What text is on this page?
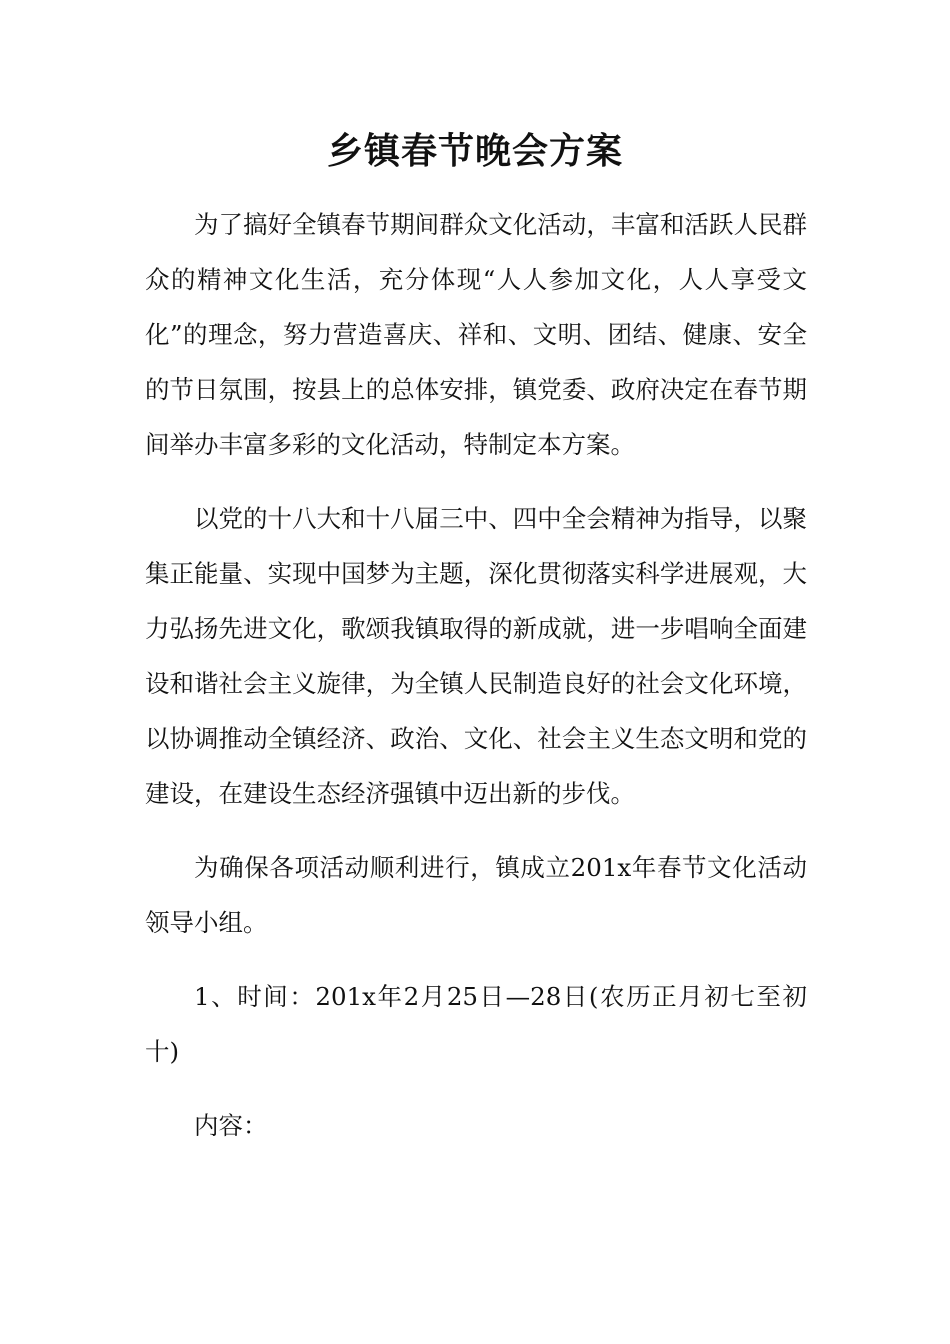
乡镇春节晚会方案

为了搞好全镇春节期间群众文化活动，丰富和活跃人民群众的精神文化生活，充分体现“人人参加文化，人人享受文化”的理念，努力营造喜庆、祥和、文明、团结、健康、安全的节日氛围，按县上的总体安排，镇党委、政府决定在春节期间举办丰富多彩的文化活动，特制定本方案。

以党的十八大和十八届三中、四中全会精神为指导，以聚集正能量、实现中国梦为主题，深化贯彻落实科学进展观，大力弘扬先进文化，歌颂我镇取得的新成就，进一步唱响全面建设和谐社会主义旋律，为全镇人民制造良好的社会文化环境，以协调推动全镇经济、政治、文化、社会主义生态文明和党的建设，在建设生态经济强镇中迈出新的步伐。

为确保各项活动顺利进行，镇成立201x年春节文化活动领导小组。

1、时间：201x年2月25日—28日(农历正月初七至初十)

内容：
